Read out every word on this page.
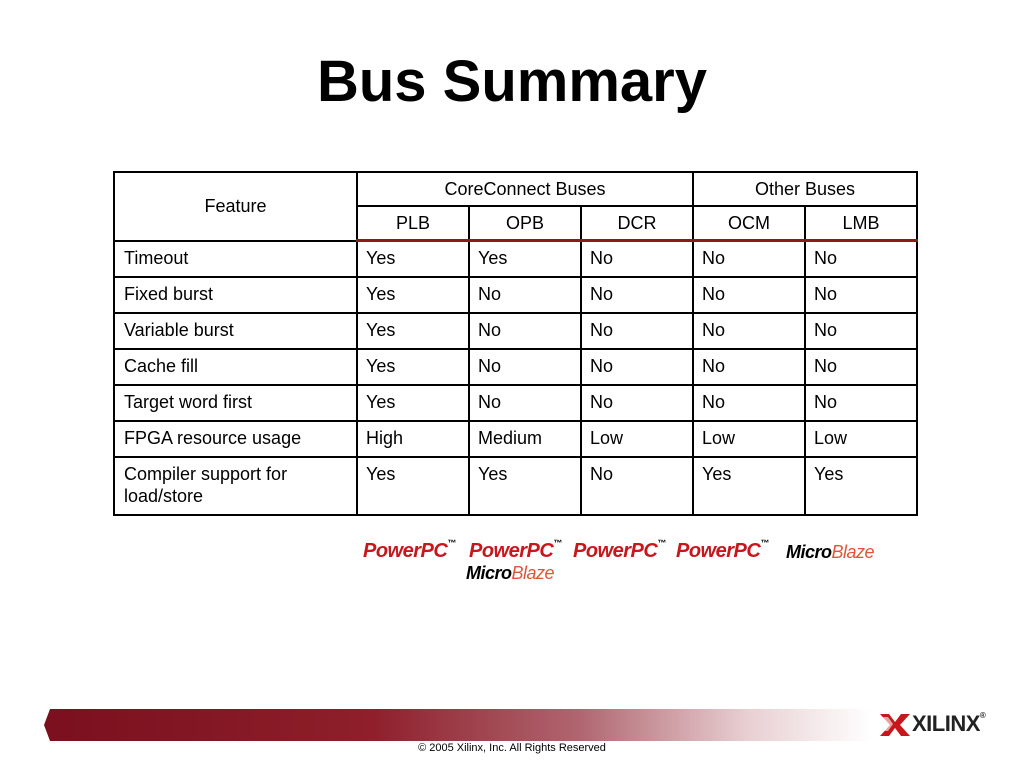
Bus Summary
Feature	CoreConnect Buses			Other Buses	
	PLB	OPB	DCR	OCM	LMB
Timeout	Yes	Yes	No	No	No
Fixed burst	Yes	No	No	No	No
Variable burst	Yes	No	No	No	No
Cache fill	Yes	No	No	No	No
Target word first	Yes	No	No	No	No
FPGA resource usage	High	Medium	Low	Low	Low
Compiler support for load/store	Yes	Yes	No	Yes	Yes
PowerPC™ PowerPC™ PowerPC™ PowerPC™ MicroBlaze
MicroBlaze
XILINX®
© 2005 Xilinx, Inc. All Rights Reserved
